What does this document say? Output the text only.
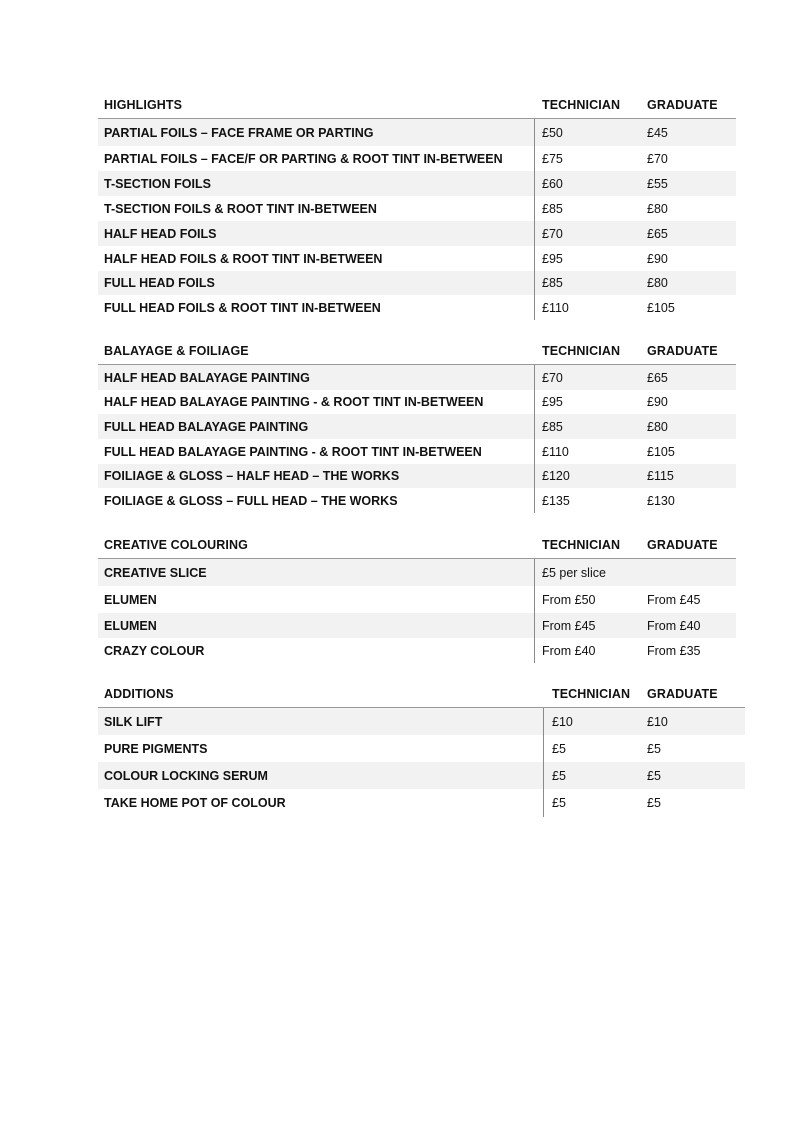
HIGHLIGHTS	TECHNICIAN GRADUATE
PARTIAL FOILS – FACE FRAME OR PARTING	£50	£45
PARTIAL FOILS – FACE/F OR PARTING & ROOT TINT IN-BETWEEN	£75	£70
T-SECTION FOILS	£60	£55
T-SECTION FOILS & ROOT TINT IN-BETWEEN	£85	£80
HALF HEAD FOILS	£70	£65
HALF HEAD FOILS & ROOT TINT IN-BETWEEN	£95	£90
FULL HEAD FOILS	£85	£80
FULL HEAD FOILS & ROOT TINT IN-BETWEEN	£110	£105
BALAYAGE & FOILIAGE	TECHNICIAN GRADUATE
HALF HEAD BALAYAGE PAINTING	£70	£65
HALF HEAD BALAYAGE PAINTING - & ROOT TINT IN-BETWEEN	£95	£90
FULL HEAD BALAYAGE PAINTING	£85	£80
FULL HEAD BALAYAGE PAINTING - & ROOT TINT IN-BETWEEN	£110	£105
FOILIAGE & GLOSS – HALF HEAD – THE WORKS	£120	£115
FOILIAGE & GLOSS – FULL HEAD – THE WORKS	£135	£130
CREATIVE COLOURING	TECHNICIAN GRADUATE
CREATIVE SLICE	£5 per slice
ELUMEN	From £50	From £45
ELUMEN	From £45	From £40
CRAZY COLOUR	From £40	From £35
ADDITIONS	TECHNICIAN GRADUATE
SILK LIFT	£10	£10
PURE PIGMENTS	£5	£5
COLOUR LOCKING SERUM	£5	£5
TAKE HOME POT OF COLOUR	£5	£5
